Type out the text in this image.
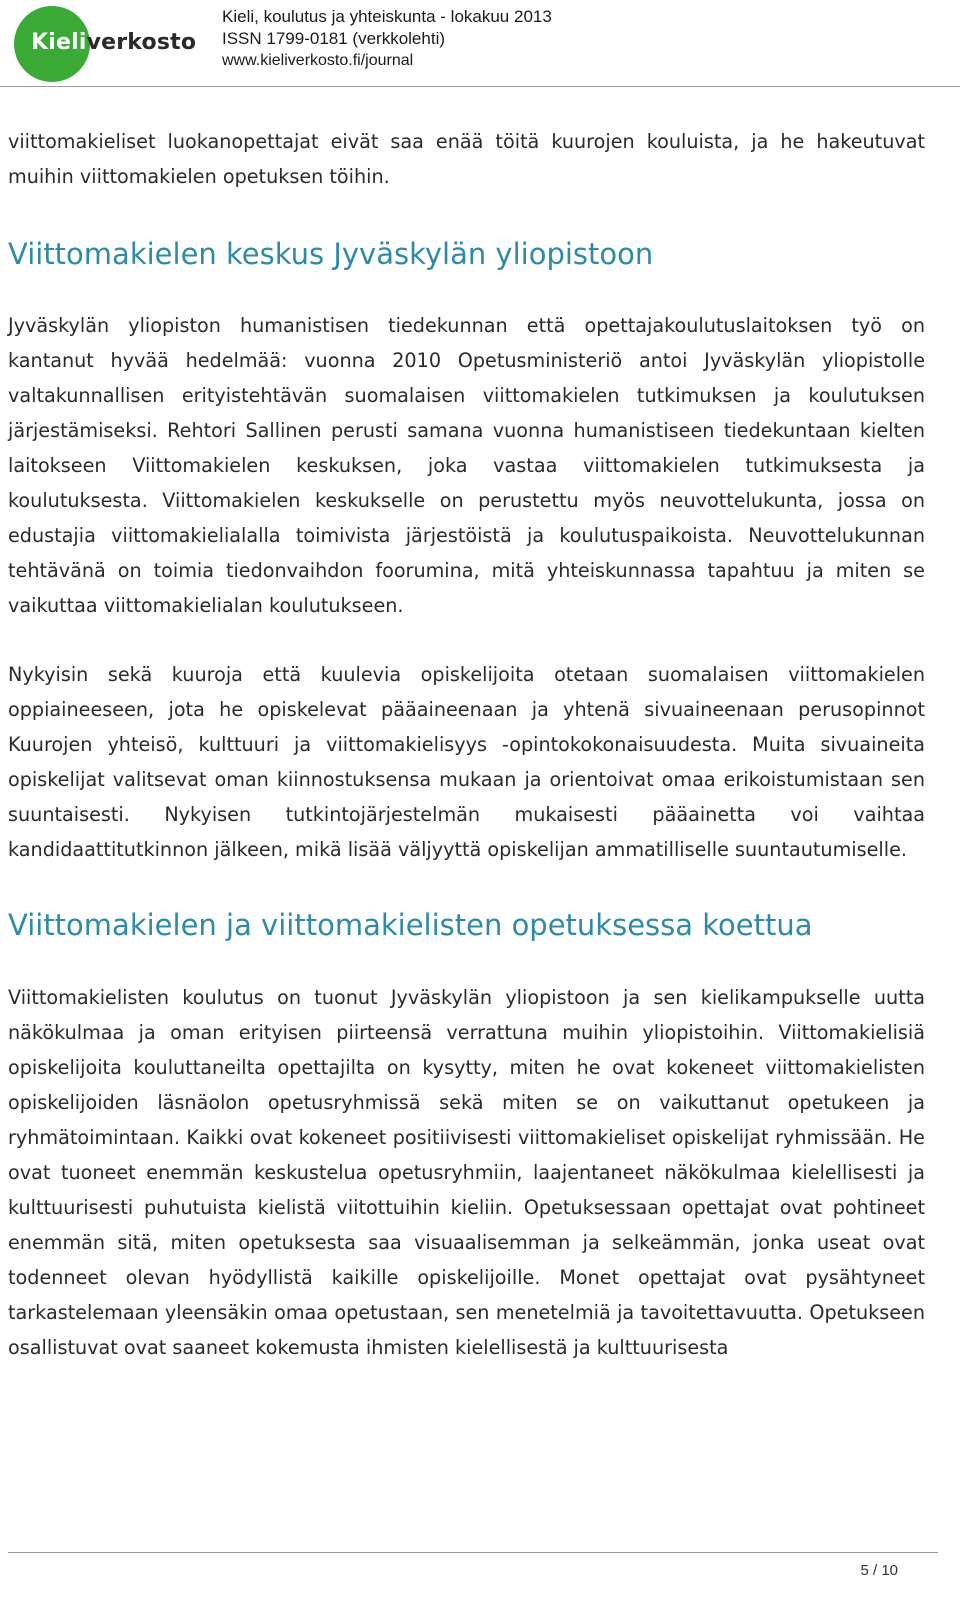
Kieliverkosto
Kieli, koulutus ja yhteiskunta - lokakuu 2013
ISSN 1799-0181 (verkkolehti)
www.kieliverkosto.fi/journal

viittomakieliset luokanopettajat eivät saa enää töitä kuurojen kouluista, ja he hakeutuvat muihin viittomakielen opetuksen töihin.

Viittomakielen keskus Jyväskylän yliopistoon

Jyväskylän yliopiston humanistisen tiedekunnan että opettajakoulutuslaitoksen työ on kantanut hyvää hedelmää: vuonna 2010 Opetusministeriö antoi Jyväskylän yliopistolle valtakunnallisen erityistehtävän suomalaisen viittomakielen tutkimuksen ja koulutuksen järjestämiseksi. Rehtori Sallinen perusti samana vuonna humanistiseen tiedekuntaan kielten laitokseen Viittomakielen keskuksen, joka vastaa viittomakielen tutkimuksesta ja koulutuksesta. Viittomakielen keskukselle on perustettu myös neuvottelukunta, jossa on edustajia viittomakielialalla toimivista järjestöistä ja koulutuspaikoista. Neuvottelukunnan tehtävänä on toimia tiedonvaihdon foorumina, mitä yhteiskunnassa tapahtuu ja miten se vaikuttaa viittomakielialan koulutukseen.

Nykyisin sekä kuuroja että kuulevia opiskelijoita otetaan suomalaisen viittomakielen oppiaineeseen, jota he opiskelevat pääaineenaan ja yhtenä sivuaineenaan perusopinnot Kuurojen yhteisö, kulttuuri ja viittomakielisyys -opintokokonaisuudesta. Muita sivuaineita opiskelijat valitsevat oman kiinnostuksensa mukaan ja orientoivat omaa erikoistumistaan sen suuntaisesti. Nykyisen tutkintojärjestelmän mukaisesti pääainetta voi vaihtaa kandidaattitutkinnon jälkeen, mikä lisää väljyyttä opiskelijan ammatilliselle suuntautumiselle.

Viittomakielen ja viittomakielisten opetuksessa koettua

Viittomakielisten koulutus on tuonut Jyväskylän yliopistoon ja sen kielikampukselle uutta näkökulmaa ja oman erityisen piirteensä verrattuna muihin yliopistoihin. Viittomakielisiä opiskelijoita kouluttaneilta opettajilta on kysytty, miten he ovat kokeneet viittomakielisten opiskelijoiden läsnäolon opetusryhmissä sekä miten se on vaikuttanut opetukeen ja ryhmätoimintaan. Kaikki ovat kokeneet positiivisesti viittomakieliset opiskelijat ryhmissään. He ovat tuoneet enemmän keskustelua opetusryhmiin, laajentaneet näkökulmaa kielellisesti ja kulttuurisesti puhutuista kielistä viitottuihin kieliin. Opetuksessaan opettajat ovat pohtineet enemmän sitä, miten opetuksesta saa visuaalisemman ja selkeämmän, jonka useat ovat todenneet olevan hyödyllistä kaikille opiskelijoille. Monet opettajat ovat pysähtyneet tarkastelemaan yleensäkin omaa opetustaan, sen menetelmiä ja tavoitettavuutta. Opetukseen osallistuvat ovat saaneet kokemusta ihmisten kielellisestä ja kulttuurisesta

5 / 10
